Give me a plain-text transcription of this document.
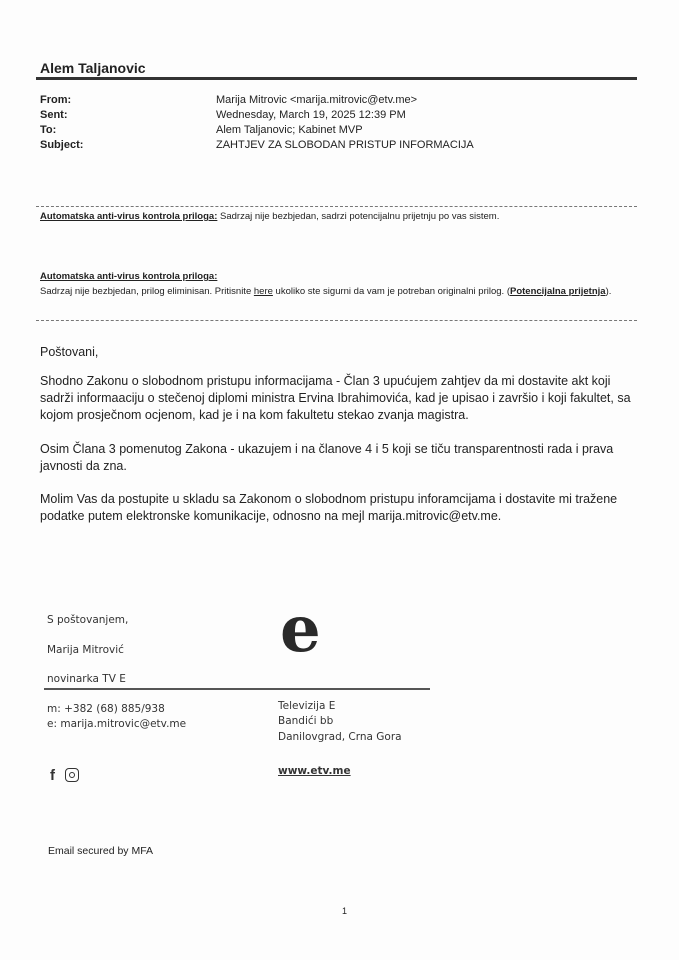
Alem Taljanovic
From:	Marija Mitrovic <marija.mitrovic@etv.me>
Sent:	Wednesday, March 19, 2025 12:39 PM
To:	Alem Taljanovic; Kabinet MVP
Subject:	ZAHTJEV ZA SLOBODAN PRISTUP INFORMACIJA
Automatska anti-virus kontrola priloga: Sadrzaj nije bezbjedan, sadrzi potencijalnu prijetnju po vas sistem.
Automatska anti-virus kontrola priloga:
Sadrzaj nije bezbjedan, prilog eliminisan. Pritisnite here ukoliko ste sigurni da vam je potreban originalni prilog. (Potencijalna prijetnja).
Poštovani,
Shodno Zakonu o slobodnom pristupu informacijama - Član 3 upućujem zahtjev da mi dostavite akt koji sadrži informaaciju o stečenoj diplomi ministra Ervina Ibrahimovića, kad je upisao i završio i koji fakultet, sa kojom prosječnom ocjenom, kad je i na kom fakultetu stekao zvanja magistra.
Osim Člana 3 pomenutog Zakona - ukazujem i na članove 4 i 5 koji se tiču transparentnosti rada i prava javnosti da zna.
Molim Vas da postupite u skladu sa Zakonom o slobodnom pristupu inforamcijama i dostavite mi tražene podatke putem elektronske komunikacije, odnosno na mejl marija.mitrovic@etv.me.
S poštovanjem,
Marija Mitrović
novinarka TV E
e
m: +382 (68) 885/938
e: marija.mitrovic@etv.me
Televizija E
Bandići bb
Danilovgrad, Crna Gora
www.etv.me
f
Email secured by MFA
1
